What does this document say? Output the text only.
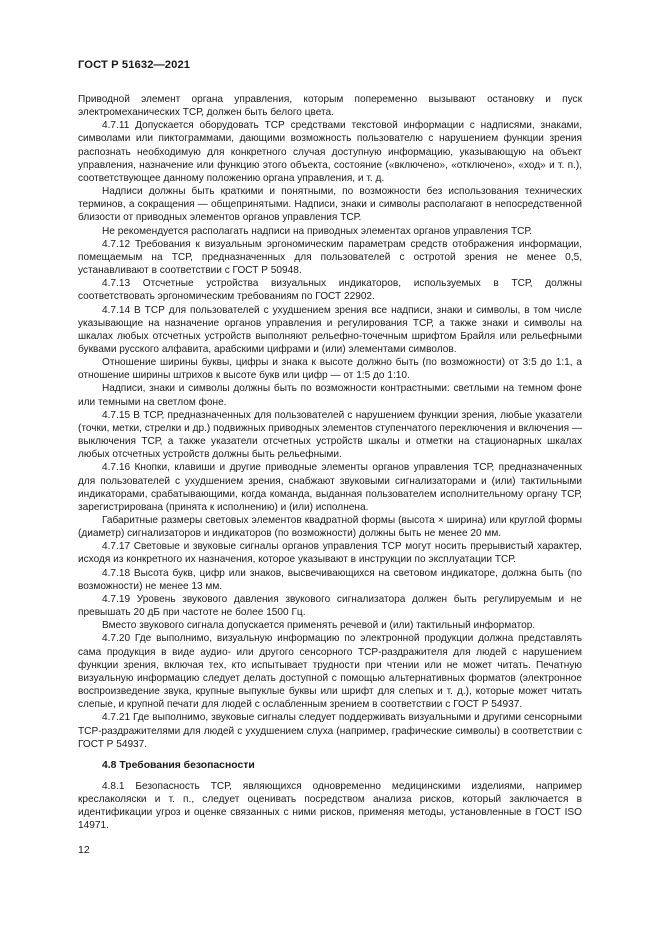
ГОСТ Р 51632—2021

Приводной элемент органа управления, которым попеременно вызывают остановку и пуск электромеханических ТСР, должен быть белого цвета.

4.7.11 Допускается оборудовать ТСР средствами текстовой информации с надписями, знаками, символами или пиктограммами, дающими возможность пользователю с нарушением функции зрения распознать необходимую для конкретного случая доступную информацию, указывающую на объект управления, назначение или функцию этого объекта, состояние («включено», «отключено», «ход» и т. п.), соответствующее данному положению органа управления, и т. д.

Надписи должны быть краткими и понятными, по возможности без использования технических терминов, а сокращения — общепринятыми. Надписи, знаки и символы располагают в непосредственной близости от приводных элементов органов управления ТСР.

Не рекомендуется располагать надписи на приводных элементах органов управления ТСР.

4.7.12 Требования к визуальным эргономическим параметрам средств отображения информации, помещаемым на ТСР, предназначенных для пользователей с остротой зрения не менее 0,5, устанавливают в соответствии с ГОСТ Р 50948.

4.7.13 Отсчетные устройства визуальных индикаторов, используемых в ТСР, должны соответствовать эргономическим требованиям по ГОСТ 22902.

4.7.14 В ТСР для пользователей с ухудшением зрения все надписи, знаки и символы, в том числе указывающие на назначение органов управления и регулирования ТСР, а также знаки и символы на шкалах любых отсчетных устройств выполняют рельефно-точечным шрифтом Брайля или рельефными буквами русского алфавита, арабскими цифрами и (или) элементами символов.

Отношение ширины буквы, цифры и знака к высоте должно быть (по возможности) от 3:5 до 1:1, а отношение ширины штрихов к высоте букв или цифр — от 1:5 до 1:10.

Надписи, знаки и символы должны быть по возможности контрастными: светлыми на темном фоне или темными на светлом фоне.

4.7.15 В ТСР, предназначенных для пользователей с нарушением функции зрения, любые указатели (точки, метки, стрелки и др.) подвижных приводных элементов ступенчатого переключения и включения — выключения ТСР, а также указатели отсчетных устройств шкалы и отметки на стационарных шкалах любых отсчетных устройств должны быть рельефными.

4.7.16 Кнопки, клавиши и другие приводные элементы органов управления ТСР, предназначенных для пользователей с ухудшением зрения, снабжают звуковыми сигнализаторами и (или) тактильными индикаторами, срабатывающими, когда команда, выданная пользователем исполнительному органу ТСР, зарегистрирована (принята к исполнению) и (или) исполнена.

Габаритные размеры световых элементов квадратной формы (высота × ширина) или круглой формы (диаметр) сигнализаторов и индикаторов (по возможности) должны быть не менее 20 мм.

4.7.17 Световые и звуковые сигналы органов управления ТСР могут носить прерывистый характер, исходя из конкретного их назначения, которое указывают в инструкции по эксплуатации ТСР.

4.7.18 Высота букв, цифр или знаков, высвечивающихся на световом индикаторе, должна быть (по возможности) не менее 13 мм.

4.7.19 Уровень звукового давления звукового сигнализатора должен быть регулируемым и не превышать 20 дБ при частоте не более 1500 Гц.

Вместо звукового сигнала допускается применять речевой и (или) тактильный информатор.

4.7.20 Где выполнимо, визуальную информацию по электронной продукции должна представлять сама продукция в виде аудио- или другого сенсорного ТСР-раздражителя для людей с нарушением функции зрения, включая тех, кто испытывает трудности при чтении или не может читать. Печатную визуальную информацию следует делать доступной с помощью альтернативных форматов (электронное воспроизведение звука, крупные выпуклые буквы или шрифт для слепых и т. д.), которые может читать слепые, и крупной печати для людей с ослабленным зрением в соответствии с ГОСТ Р 54937.

4.7.21 Где выполнимо, звуковые сигналы следует поддерживать визуальными и другими сенсорными ТСР-раздражителями для людей с ухудшением слуха (например, графические символы) в соответствии с ГОСТ Р 54937.

4.8 Требования безопасности

4.8.1 Безопасность ТСР, являющихся одновременно медицинскими изделиями, например креслаколяски и т. п., следует оценивать посредством анализа рисков, который заключается в идентификации угроз и оценке связанных с ними рисков, применяя методы, установленные в ГОСТ ISO 14971.

12
